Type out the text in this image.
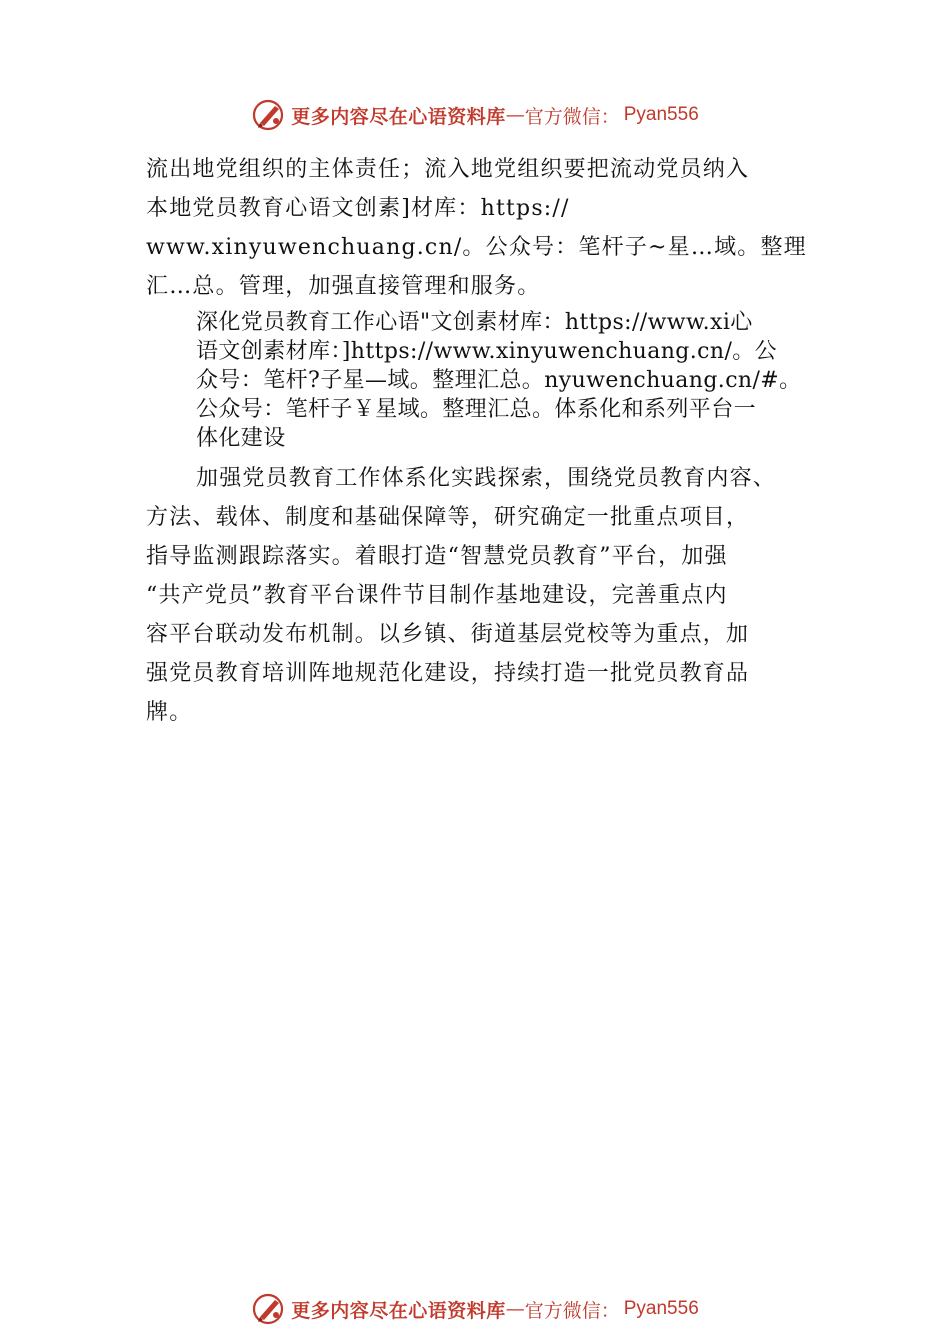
更多内容尽在心语资料库 — 官方微信： Pyan556

流出地党组织的主体责任；流入地党组织要把流动党员纳入
本地党员教育心语文创素]材库：https://
www.xinyuwenchuang.cn/。公众号：笔杆子~星…域。整理
汇…总。管理，加强直接管理和服务。

深化党员教育工作心语"文创素材库：https://www.xi心
语文创素材库：]https://www.xinyuwenchuang.cn/。公
众号：笔杆?子星—域。整理汇总。nyuwenchuang.cn/#。
公众号：笔杆子￥星域。整理汇总。体系化和系列平台一
体化建设

加强党员教育工作体系化实践探索，围绕党员教育内容、
方法、载体、制度和基础保障等，研究确定一批重点项目，
指导监测跟踪落实。着眼打造“智慧党员教育”平台，加强
“共产党员”教育平台课件节目制作基地建设，完善重点内
容平台联动发布机制。以乡镇、街道基层党校等为重点，加
强党员教育培训阵地规范化建设，持续打造一批党员教育品
牌。

更多内容尽在心语资料库 — 官方微信： Pyan556
